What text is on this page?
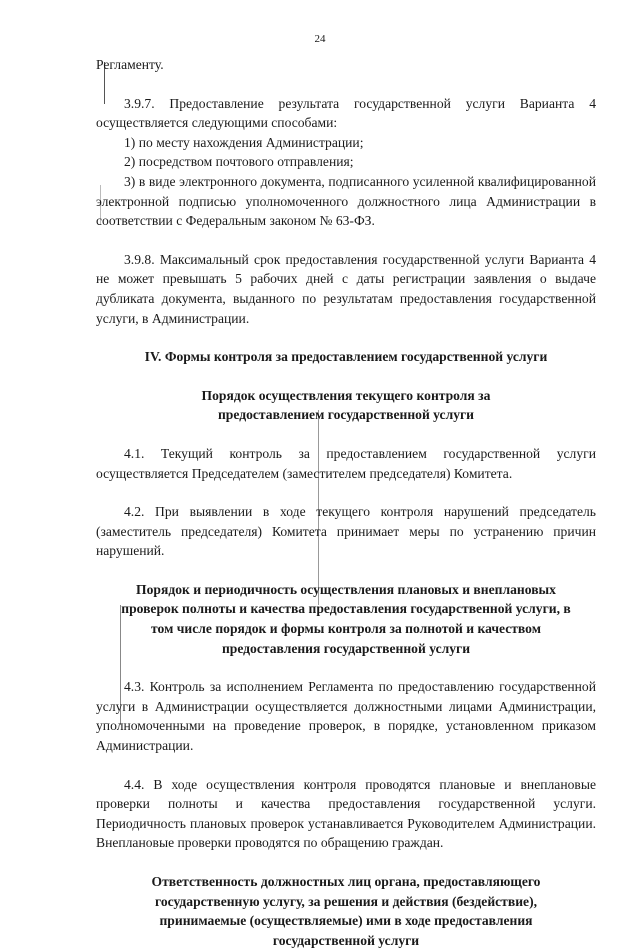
24

Регламенту.

3.9.7. Предоставление результата государственной услуги Варианта 4 осуществляется следующими способами:

1) по месту нахождения Администрации;

2) посредством почтового отправления;

3) в виде электронного документа, подписанного усиленной квалифицированной электронной подписью уполномоченного должностного лица Администрации в соответствии с Федеральным законом № 63-ФЗ.

3.9.8. Максимальный срок предоставления государственной услуги Варианта 4 не может превышать 5 рабочих дней с даты регистрации заявления о выдаче дубликата документа, выданного по результатам предоставления государственной услуги, в Администрации.

IV. Формы контроля за предоставлением государственной услуги

Порядок осуществления текущего контроля за предоставлением государственной услуги

4.1. Текущий контроль за предоставлением государственной услуги осуществляется Председателем (заместителем председателя) Комитета.

4.2. При выявлении в ходе текущего контроля нарушений председатель (заместитель председателя) Комитета принимает меры по устранению причин нарушений.

Порядок и периодичность осуществления плановых и внеплановых проверок полноты и качества предоставления государственной услуги, в том числе порядок и формы контроля за полнотой и качеством предоставления государственной услуги

4.3. Контроль за исполнением Регламента по предоставлению государственной услуги в Администрации осуществляется должностными лицами Администрации, уполномоченными на проведение проверок, в порядке, установленном приказом Администрации.

4.4. В ходе осуществления контроля проводятся плановые и внеплановые проверки полноты и качества предоставления государственной услуги. Периодичность плановых проверок устанавливается Руководителем Администрации. Внеплановые проверки проводятся по обращению граждан.

Ответственность должностных лиц органа, предоставляющего государственную услугу, за решения и действия (бездействие), принимаемые (осуществляемые) ими в ходе предоставления государственной услуги
